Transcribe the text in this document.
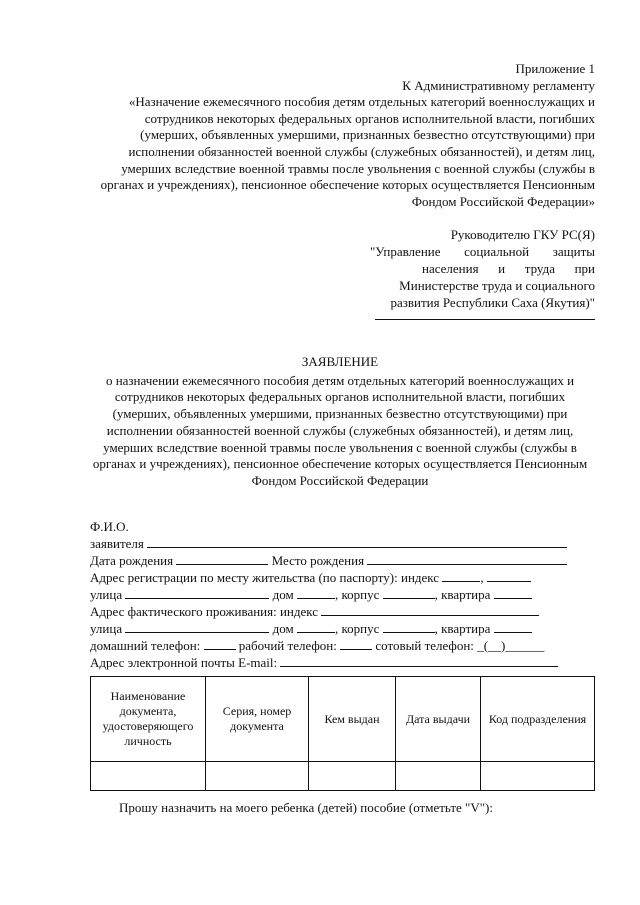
Приложение 1
К Административному регламенту
«Назначение ежемесячного пособия детям отдельных категорий военнослужащих и
сотрудников некоторых федеральных органов исполнительной власти, погибших
(умерших, объявленных умершими, признанных безвестно отсутствующими) при
исполнении обязанностей военной службы (служебных обязанностей), и детям лиц,
умерших вследствие военной травмы после увольнения с военной службы (службы в
органах и учреждениях), пенсионное обеспечение которых осуществляется Пенсионным
Фондом Российской Федерации»
Руководителю ГКУ РС(Я)
"Управление социальной защиты
населения и труда при
Министерстве труда и социального
развития Республики Саха (Якутия)"
ЗАЯВЛЕНИЕ
о назначении ежемесячного пособия детям отдельных категорий военнослужащих и
сотрудников некоторых федеральных органов исполнительной власти, погибших
(умерших, объявленных умершими, признанных безвестно отсутствующими) при
исполнении обязанностей военной службы (служебных обязанностей), и детям лиц,
умерших вследствие военной травмы после увольнения с военной службы (службы в
органах и учреждениях), пенсионное обеспечение которых осуществляется Пенсионным
Фондом Российской Федерации
Ф.И.О.
заявителя
Дата рождения	Место рождения
Адрес регистрации по месту жительства (по паспорту): индекс	,
улица	дом	, корпус	, квартира
Адрес фактического проживания: индекс
улица	дом	, корпус	, квартира
домашний телефон:	рабочий телефон:	сотовый телефон: _(__)______
Адрес электронной почты E-mail:
Наименование документа, удостоверяющего личность	Серия, номер документа	Кем выдан	Дата выдачи	Код подразделения

Прошу назначить на моего ребенка (детей) пособие (отметьте "V"):
